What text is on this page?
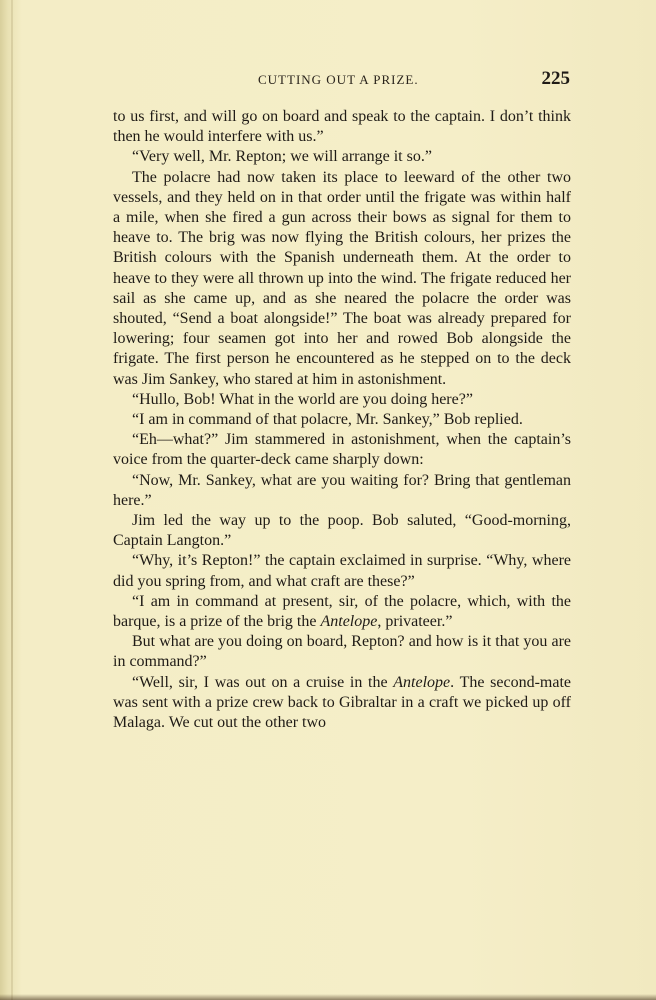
CUTTING OUT A PRIZE.	225

to us first, and will go on board and speak to the captain. I don’t think then he would interfere with us.”

“Very well, Mr. Repton; we will arrange it so.”

The polacre had now taken its place to leeward of the other two vessels, and they held on in that order until the frigate was within half a mile, when she fired a gun across their bows as signal for them to heave to. The brig was now flying the British colours, her prizes the British colours with the Spanish underneath them. At the order to heave to they were all thrown up into the wind. The frigate reduced her sail as she came up, and as she neared the polacre the order was shouted, “Send a boat alongside!” The boat was already prepared for lowering; four seamen got into her and rowed Bob alongside the frigate. The first person he encountered as he stepped on to the deck was Jim Sankey, who stared at him in astonishment.

“Hullo, Bob! What in the world are you doing here?”

“I am in command of that polacre, Mr. Sankey,” Bob replied.

“Eh—what?” Jim stammered in astonishment, when the captain’s voice from the quarter-deck came sharply down:

“Now, Mr. Sankey, what are you waiting for? Bring that gentleman here.”

Jim led the way up to the poop. Bob saluted, “Good-morning, Captain Langton.”

“Why, it’s Repton!” the captain exclaimed in surprise. “Why, where did you spring from, and what craft are these?”

“I am in command at present, sir, of the polacre, which, with the barque, is a prize of the brig the Antelope, privateer.”

But what are you doing on board, Repton? and how is it that you are in command?”

“Well, sir, I was out on a cruise in the Antelope. The second-mate was sent with a prize crew back to Gibraltar in a craft we picked up off Malaga. We cut out the other two
